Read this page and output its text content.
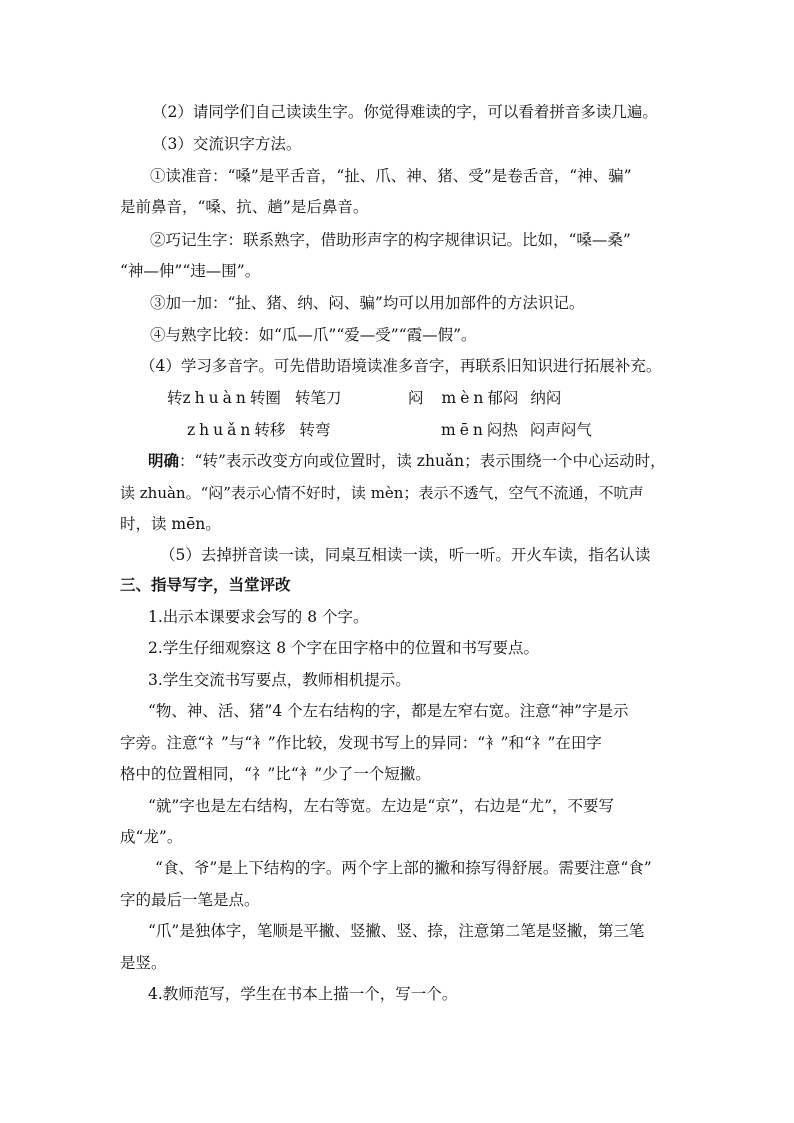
（2）请同学们自己读读生字。你觉得难读的字，可以看着拼音多读几遍。
（3）交流识字方法。
①读准音：“嗓”是平舌音，“扯、爪、神、猪、受”是卷舌音，“神、骗”
是前鼻音，“嗓、抗、趟”是后鼻音。
②巧记生字：联系熟字，借助形声字的构字规律识记。比如，“嗓—桑”
“神—伸”“违—围”。
③加一加：“扯、猪、纳、闷、骗”均可以用加部件的方法识记。
④与熟字比较：如“瓜—爪”“爱—受”“霞—假”。
（4）学习多音字。可先借助语境读准多音字，再联系旧知识进行拓展补充。
转zhuàn转圈 转笔刀	闷 mèn郁闷 纳闷
zhuǎn转移 转弯	mēn闷热 闷声闷气
明确：“转”表示改变方向或位置时，读 zhuǎn；表示围绕一个中心运动时，
读 zhuàn。“闷”表示心情不好时，读 mèn；表示不透气，空气不流通，不吭声
时，读 mēn。
（5）去掉拼音读一读，同桌互相读一读，听一听。开火车读，指名认读
三、指导写字，当堂评改
1.出示本课要求会写的 8 个字。
2.学生仔细观察这 8 个字在田字格中的位置和书写要点。
3.学生交流书写要点，教师相机提示。
“物、神、活、猪”4 个左右结构的字，都是左窄右宽。注意“神”字是示
字旁。注意“礻”与“衤”作比较，发现书写上的异同：“衤”和“礻”在田字
格中的位置相同，“礻”比“衤”少了一个短撇。
“就”字也是左右结构，左右等宽。左边是“京”，右边是“尤”，不要写
成“龙”。
“食、爷”是上下结构的字。两个字上部的撇和捺写得舒展。需要注意“食”
字的最后一笔是点。
“爪”是独体字，笔顺是平撇、竖撇、竖、捺，注意第二笔是竖撇，第三笔
是竖。
4.教师范写，学生在书本上描一个，写一个。
